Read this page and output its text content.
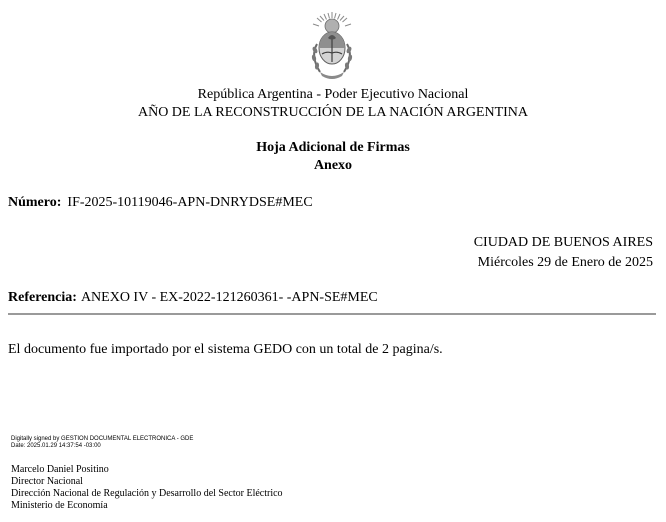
República Argentina - Poder Ejecutivo Nacional
AÑO DE LA RECONSTRUCCIÓN DE LA NACIÓN ARGENTINA
Hoja Adicional de Firmas
Anexo
Número: IF-2025-10119046-APN-DNRYDSE#MEC
CIUDAD DE BUENOS AIRES
Miércoles 29 de Enero de 2025
Referencia: ANEXO IV - EX-2022-121260361- -APN-SE#MEC
El documento fue importado por el sistema GEDO con un total de 2 pagina/s.
Digitally signed by GESTION DOCUMENTAL ELECTRONICA - GDE
Date: 2025.01.29 14:37:54 -03:00
Marcelo Daniel Positino
Director Nacional
Dirección Nacional de Regulación y Desarrollo del Sector Eléctrico
Ministerio de Economía
